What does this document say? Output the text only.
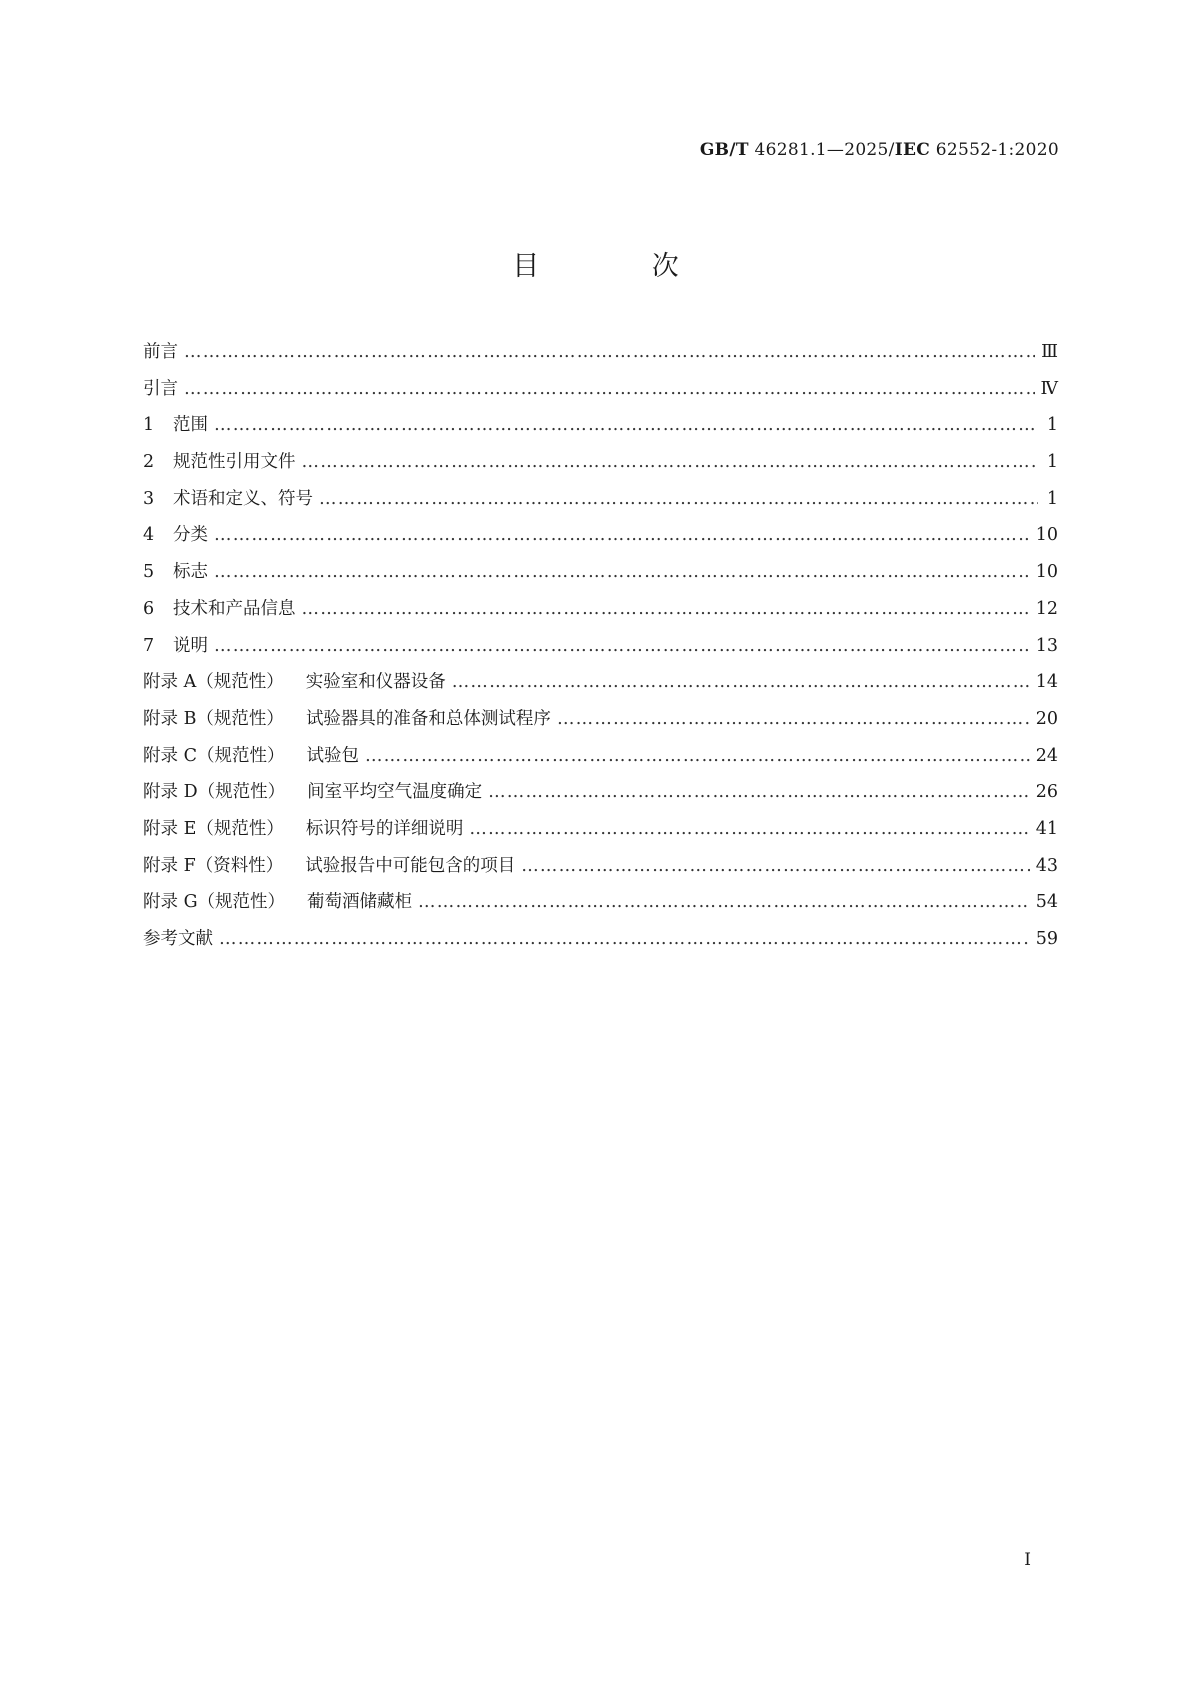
GB/T 46281.1—2025/IEC 62552-1:2020
目 次
前言 ………………………………………………………………………………………………………………………………………………………………………………………………………………	Ⅲ
引言 ………………………………………………………………………………………………………………………………………………………………………………………………………………	Ⅳ
1	范围 ………………………………………………………………………………………………………………………………………………………………………………………………………………	1
2	规范性引用文件 ………………………………………………………………………………………………………………………………………………………………………………………………………………	1
3	术语和定义、符号 ………………………………………………………………………………………………………………………………………………………………………………………………………………	1
4	分类 ………………………………………………………………………………………………………………………………………………………………………………………………………………	10
5	标志 ………………………………………………………………………………………………………………………………………………………………………………………………………………	10
6	技术和产品信息 ………………………………………………………………………………………………………………………………………………………………………………………………………………	12
7	说明 ………………………………………………………………………………………………………………………………………………………………………………………………………………	13
附录 A（规范性） 实验室和仪器设备 ………………………………………………………………………………………………………………………………………………………………………………………………………………	14
附录 B（规范性） 试验器具的准备和总体测试程序 ………………………………………………………………………………………………………………………………………………………………………………………………………………	20
附录 C（规范性） 试验包 ………………………………………………………………………………………………………………………………………………………………………………………………………………	24
附录 D（规范性） 间室平均空气温度确定 ………………………………………………………………………………………………………………………………………………………………………………………………………………	26
附录 E（规范性） 标识符号的详细说明 ………………………………………………………………………………………………………………………………………………………………………………………………………………	41
附录 F（资料性） 试验报告中可能包含的项目 ………………………………………………………………………………………………………………………………………………………………………………………………………………	43
附录 G（规范性） 葡萄酒储藏柜 ………………………………………………………………………………………………………………………………………………………………………………………………………………	54
参考文献 ………………………………………………………………………………………………………………………………………………………………………………………………………………	59
I
